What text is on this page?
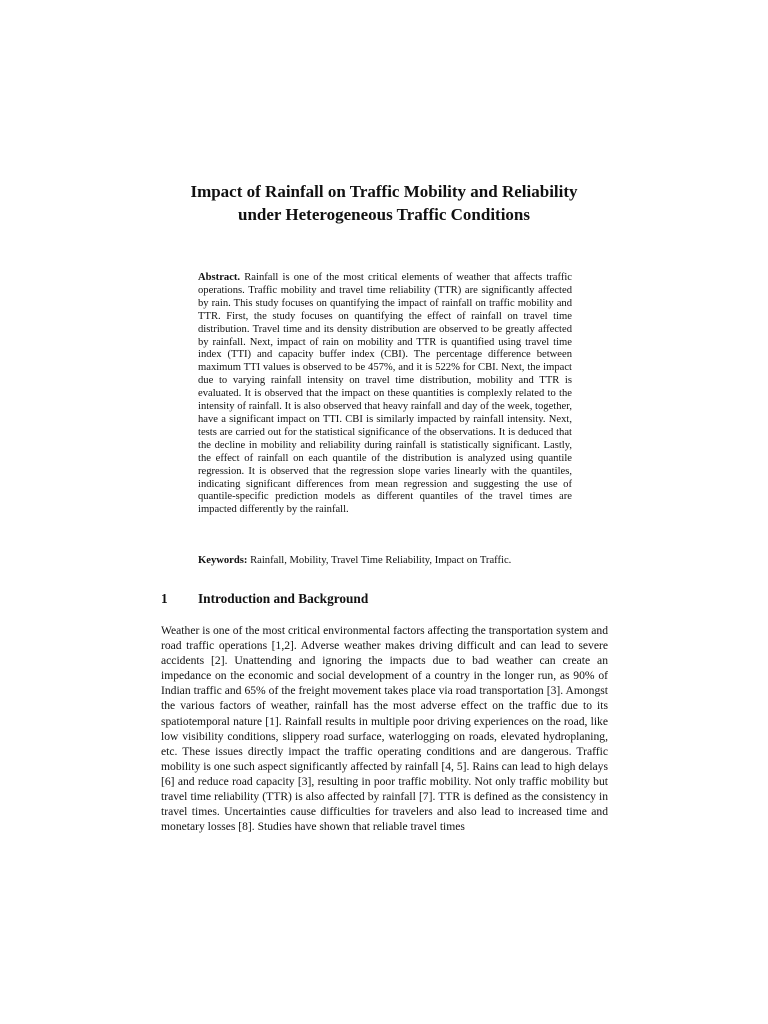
Impact of Rainfall on Traffic Mobility and Reliability
under Heterogeneous Traffic Conditions
Abstract. Rainfall is one of the most critical elements of weather that affects traffic operations. Traffic mobility and travel time reliability (TTR) are significantly affected by rain. This study focuses on quantifying the impact of rainfall on traffic mobility and TTR. First, the study focuses on quantifying the effect of rainfall on travel time distribution. Travel time and its density distribution are observed to be greatly affected by rainfall. Next, impact of rain on mobility and TTR is quantified using travel time index (TTI) and capacity buffer index (CBI). The percentage difference between maximum TTI values is observed to be 457%, and it is 522% for CBI. Next, the impact due to varying rainfall intensity on travel time distribution, mobility and TTR is evaluated. It is observed that the impact on these quantities is complexly related to the intensity of rainfall. It is also observed that heavy rainfall and day of the week, together, have a significant impact on TTI. CBI is similarly impacted by rainfall intensity. Next, tests are carried out for the statistical significance of the observations. It is deduced that the decline in mobility and reliability during rainfall is statistically significant. Lastly, the effect of rainfall on each quantile of the distribution is analyzed using quantile regression. It is observed that the regression slope varies linearly with the quantiles, indicating significant differences from mean regression and suggesting the use of quantile-specific prediction models as different quantiles of the travel times are impacted differently by the rainfall.
Keywords: Rainfall, Mobility, Travel Time Reliability, Impact on Traffic.
1 Introduction and Background
Weather is one of the most critical environmental factors affecting the transportation system and road traffic operations [1,2]. Adverse weather makes driving difficult and can lead to severe accidents [2]. Unattending and ignoring the impacts due to bad weather can create an impedance on the economic and social development of a country in the longer run, as 90% of Indian traffic and 65% of the freight movement takes place via road transportation [3]. Amongst the various factors of weather, rainfall has the most adverse effect on the traffic due to its spatiotemporal nature [1]. Rainfall results in multiple poor driving experiences on the road, like low visibility conditions, slippery road surface, waterlogging on roads, elevated hydroplaning, etc. These issues directly impact the traffic operating conditions and are dangerous. Traffic mobility is one such aspect significantly affected by rainfall [4, 5]. Rains can lead to high delays [6] and reduce road capacity [3], resulting in poor traffic mobility. Not only traffic mobility but travel time reliability (TTR) is also affected by rainfall [7]. TTR is defined as the consistency in travel times. Uncertainties cause difficulties for travelers and also lead to increased time and monetary losses [8]. Studies have shown that reliable travel times
